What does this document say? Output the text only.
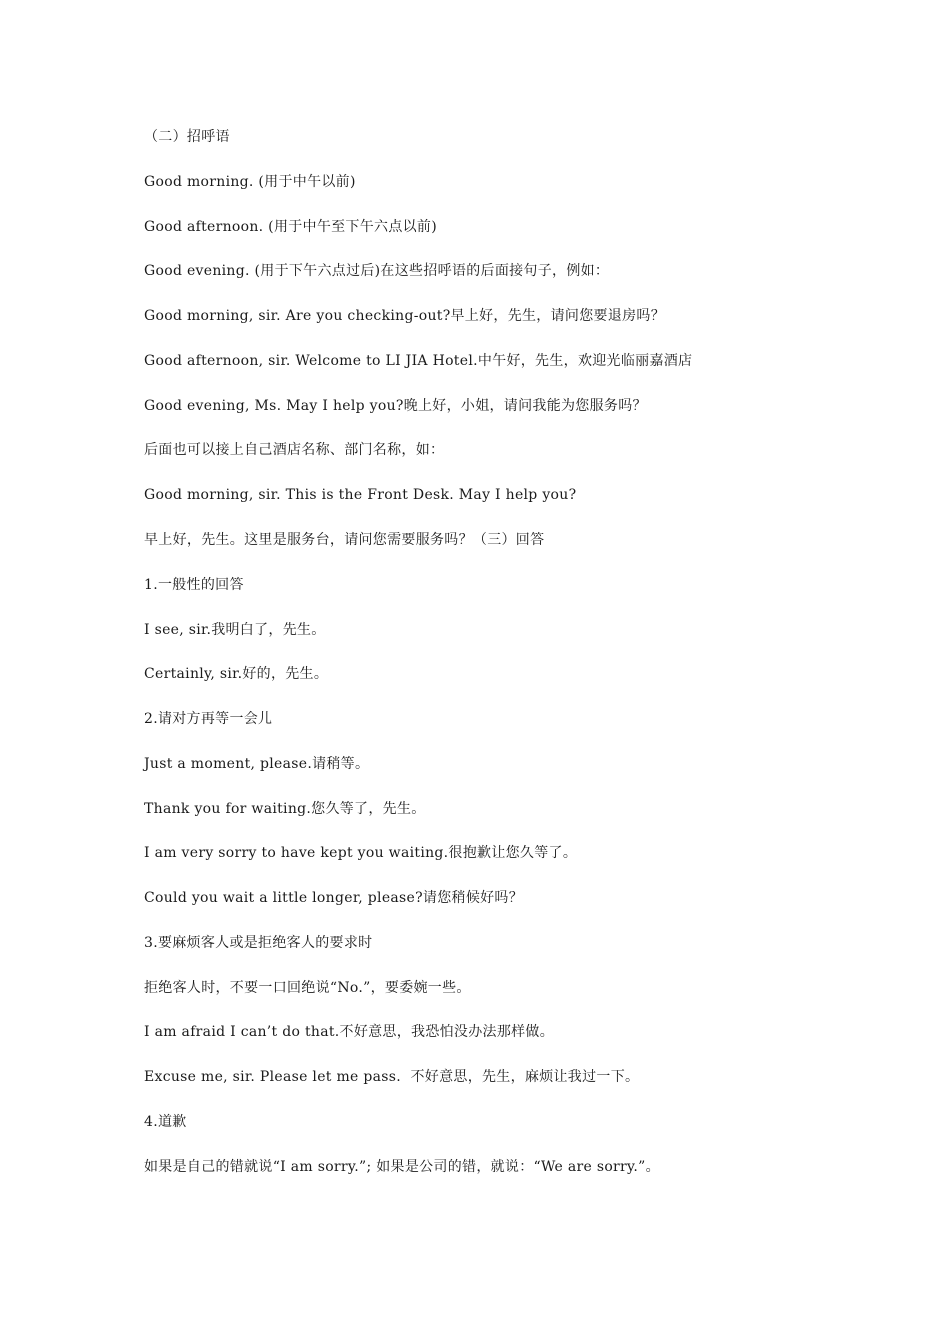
（二）招呼语
Good morning. (用于中午以前)
Good afternoon. (用于中午至下午六点以前)
Good evening. (用于下午六点过后)在这些招呼语的后面接句子，例如：
Good morning, sir. Are you checking-out?早上好，先生，请问您要退房吗？
Good afternoon, sir. Welcome to LI JIA Hotel.中午好，先生，欢迎光临丽嘉酒店
Good evening, Ms. May I help you?晚上好，小姐，请问我能为您服务吗？
后面也可以接上自己酒店名称、部门名称，如：
Good morning, sir. This is the Front Desk. May I help you?
早上好，先生。这里是服务台，请问您需要服务吗？（三）回答
1.一般性的回答
I see, sir.我明白了，先生。
Certainly, sir.好的，先生。
2.请对方再等一会儿
Just a moment, please.请稍等。
Thank you for waiting.您久等了，先生。
I am very sorry to have kept you waiting.很抱歉让您久等了。
Could you wait a little longer, please?请您稍候好吗？
3.要麻烦客人或是拒绝客人的要求时
拒绝客人时，不要一口回绝说“No.”，要委婉一些。
I am afraid I can’t do that.不好意思，我恐怕没办法那样做。
Excuse me, sir. Please let me pass.  不好意思，先生，麻烦让我过一下。
4.道歉
如果是自己的错就说“I am sorry.”; 如果是公司的错，就说：“We are sorry.”。
